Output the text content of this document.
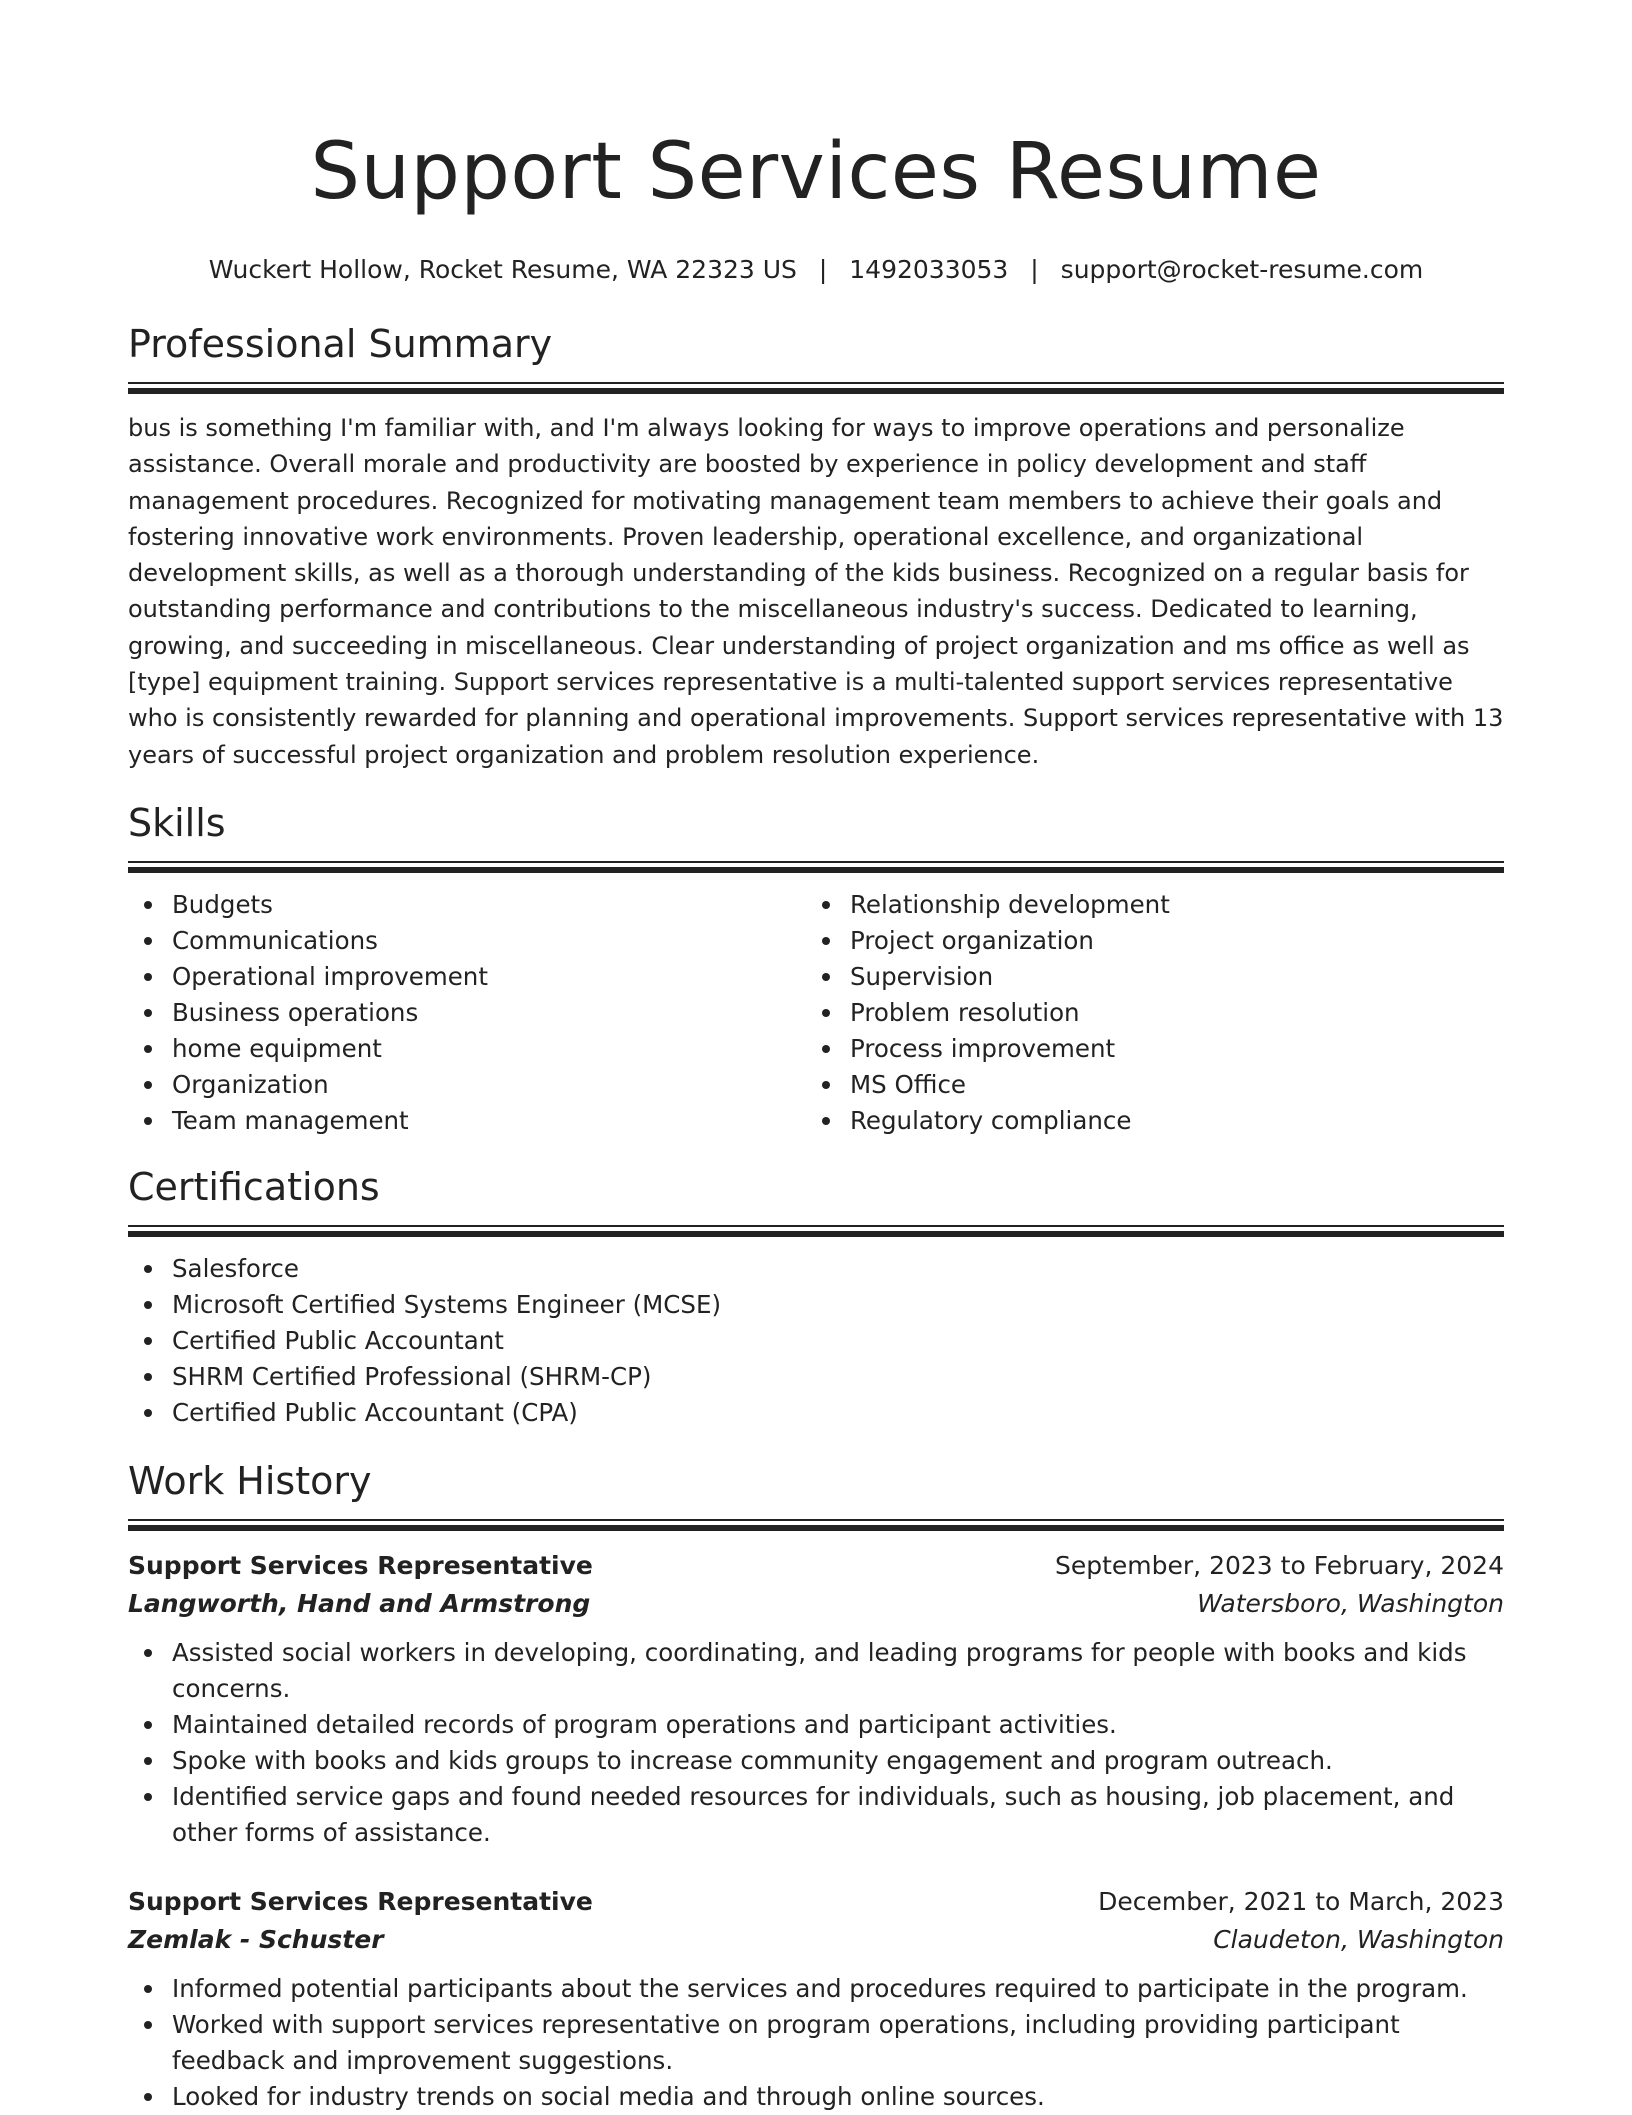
Support Services Resume
Wuckert Hollow, Rocket Resume, WA 22323 US | 1492033053 | support@rocket-resume.com
Professional Summary

bus is something I'm familiar with, and I'm always looking for ways to improve operations and personalize assistance. Overall morale and productivity are boosted by experience in policy development and staff management procedures. Recognized for motivating management team members to achieve their goals and fostering innovative work environments. Proven leadership, operational excellence, and organizational development skills, as well as a thorough understanding of the kids business. Recognized on a regular basis for outstanding performance and contributions to the miscellaneous industry's success. Dedicated to learning, growing, and succeeding in miscellaneous. Clear understanding of project organization and ms office as well as [type] equipment training. Support services representative is a multi-talented support services representative who is consistently rewarded for planning and operational improvements. Support services representative with 13 years of successful project organization and problem resolution experience.

Skills
Budgets
Communications
Operational improvement
Business operations
home equipment
Organization
Team management
Relationship development
Project organization
Supervision
Problem resolution
Process improvement
MS Office
Regulatory compliance
Certifications
Salesforce
Microsoft Certified Systems Engineer (MCSE)
Certified Public Accountant
SHRM Certified Professional (SHRM-CP)
Certified Public Accountant (CPA)
Work History
Support Services Representative	September, 2023 to February, 2024
Langworth, Hand and Armstrong	Watersboro, Washington
Assisted social workers in developing, coordinating, and leading programs for people with books and kids concerns.
Maintained detailed records of program operations and participant activities.
Spoke with books and kids groups to increase community engagement and program outreach.
Identified service gaps and found needed resources for individuals, such as housing, job placement, and other forms of assistance.
Support Services Representative	December, 2021 to March, 2023
Zemlak - Schuster	Claudeton, Washington
Informed potential participants about the services and procedures required to participate in the program.
Worked with support services representative on program operations, including providing participant feedback and improvement suggestions.
Looked for industry trends on social media and through online sources.
